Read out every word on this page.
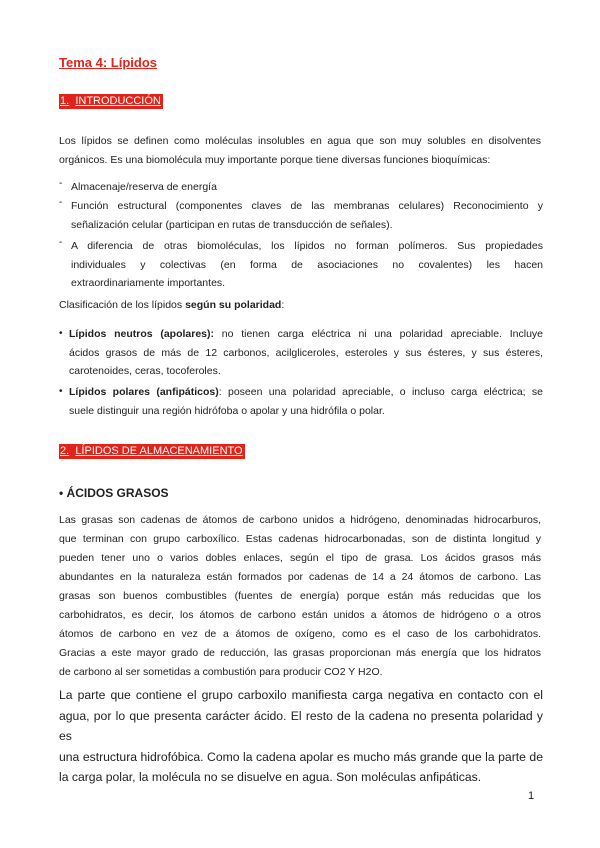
Tema 4: Lípidos
1. INTRODUCCIÓN
Los lípidos se definen como moléculas insolubles en agua que son muy solubles en disolventes
orgánicos. Es una biomolécula muy importante porque tiene diversas funciones bioquímicas:
- Almacenaje/reserva de energía
- Función estructural (componentes claves de las membranas celulares) Reconocimiento y
señalización celular (participan en rutas de transducción de señales).
- A diferencia de otras biomoléculas, los lípidos no forman polímeros. Sus propiedades
individuales y colectivas (en forma de asociaciones no covalentes) les hacen
extraordinariamente importantes.
Clasificación de los lípidos según su polaridad:
• Lípidos neutros (apolares): no tienen carga eléctrica ni una polaridad apreciable. Incluye
ácidos grasos de más de 12 carbonos, acilgliceroles, esteroles y sus ésteres, y sus ésteres,
carotenoides, ceras, tocoferoles.
• Lípidos polares (anfipáticos): poseen una polaridad apreciable, o incluso carga eléctrica; se
suele distinguir una región hidrófoba o apolar y una hidrófila o polar.
2. LÍPIDOS DE ALMACENAMIENTO
• ÁCIDOS GRASOS
Las grasas son cadenas de átomos de carbono unidos a hidrógeno, denominadas hidrocarburos,
que terminan con grupo carboxílico. Estas cadenas hidrocarbonadas, son de distinta longitud y
pueden tener uno o varios dobles enlaces, según el tipo de grasa. Los ácidos grasos más
abundantes en la naturaleza están formados por cadenas de 14 a 24 átomos de carbono. Las
grasas son buenos combustibles (fuentes de energía) porque están más reducidas que los
carbohidratos, es decir, los átomos de carbono están unidos a átomos de hidrógeno o a otros
átomos de carbono en vez de a átomos de oxígeno, como es el caso de los carbohidratos.
Gracias a este mayor grado de reducción, las grasas proporcionan más energía que los hidratos
de carbono al ser sometidas a combustión para producir CO2 Y H2O.
La parte que contiene el grupo carboxilo manifiesta carga negativa en contacto con el
agua, por lo que presenta carácter ácido. El resto de la cadena no presenta polaridad y es
una estructura hidrofóbica. Como la cadena apolar es mucho más grande que la parte de
la carga polar, la molécula no se disuelve en agua. Son moléculas anfipáticas.
1
